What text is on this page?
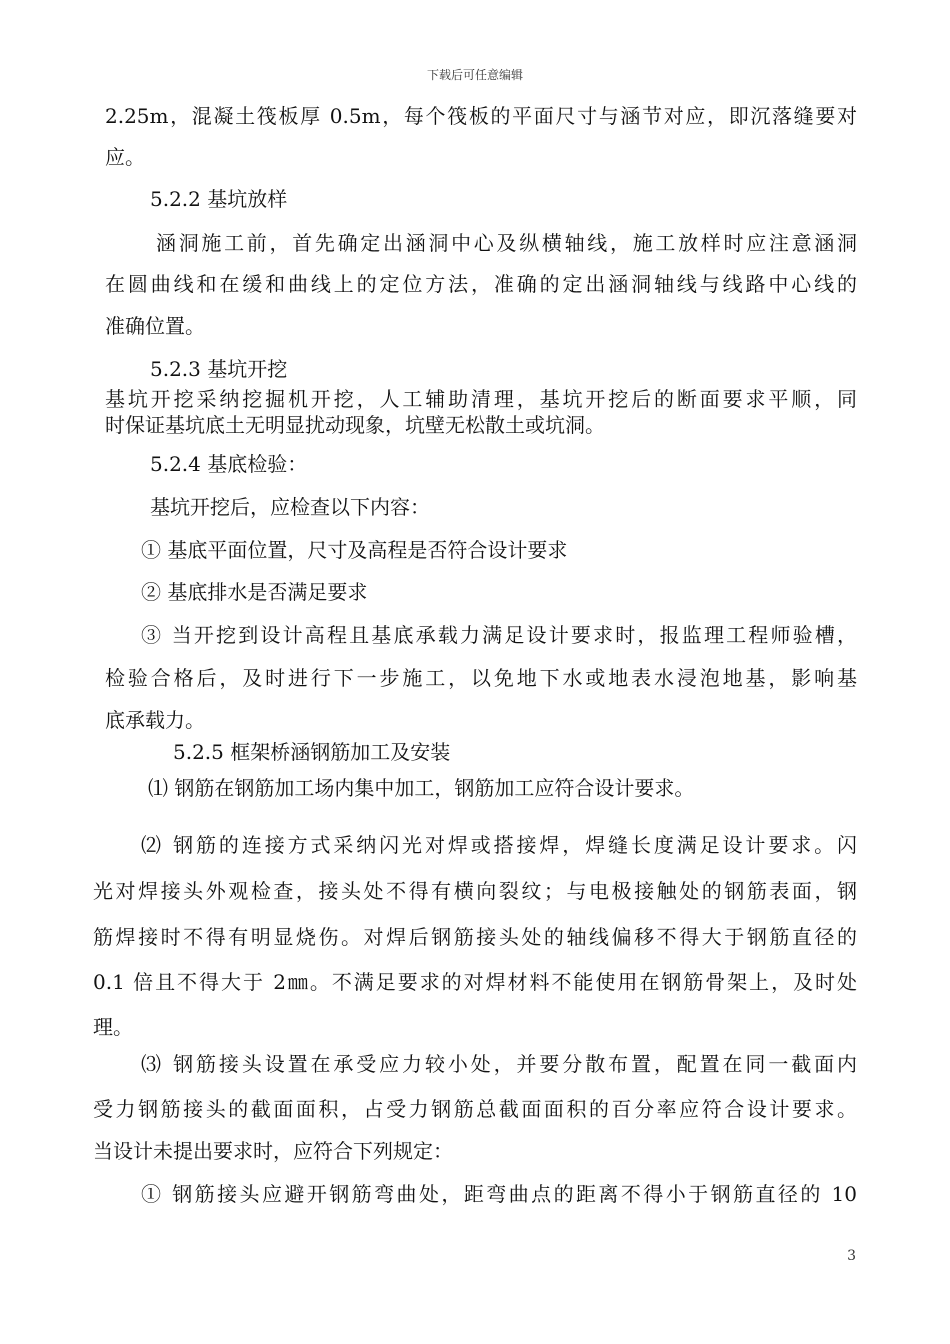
下载后可任意编辑
2.25m，混凝土筏板厚 0.5m，每个筏板的平面尺寸与涵节对应，即沉落缝要对
应。
5.2.2 基坑放样
涵洞施工前，首先确定出涵洞中心及纵横轴线，施工放样时应注意涵洞
在圆曲线和在缓和曲线上的定位方法，准确的定出涵洞轴线与线路中心线的
准确位置。
5.2.3 基坑开挖
基坑开挖采纳挖掘机开挖，人工辅助清理，基坑开挖后的断面要求平顺，同
时保证基坑底土无明显扰动现象，坑壁无松散土或坑洞。
5.2.4 基底检验：
基坑开挖后，应检查以下内容：
① 基底平面位置，尺寸及高程是否符合设计要求
② 基底排水是否满足要求
③ 当开挖到设计高程且基底承载力满足设计要求时，报监理工程师验槽，
检验合格后，及时进行下一步施工，以免地下水或地表水浸泡地基，影响基
底承载力。
5.2.5 框架桥涵钢筋加工及安装
⑴ 钢筋在钢筋加工场内集中加工，钢筋加工应符合设计要求。
⑵ 钢筋的连接方式采纳闪光对焊或搭接焊，焊缝长度满足设计要求。闪
光对焊接头外观检查，接头处不得有横向裂纹；与电极接触处的钢筋表面，钢
筋焊接时不得有明显烧伤。对焊后钢筋接头处的轴线偏移不得大于钢筋直径的
0.1 倍且不得大于 2㎜。不满足要求的对焊材料不能使用在钢筋骨架上，及时处
理。
⑶ 钢筋接头设置在承受应力较小处，并要分散布置，配置在同一截面内
受力钢筋接头的截面面积，占受力钢筋总截面面积的百分率应符合设计要求。
当设计未提出要求时，应符合下列规定：
① 钢筋接头应避开钢筋弯曲处，距弯曲点的距离不得小于钢筋直径的 10
3
